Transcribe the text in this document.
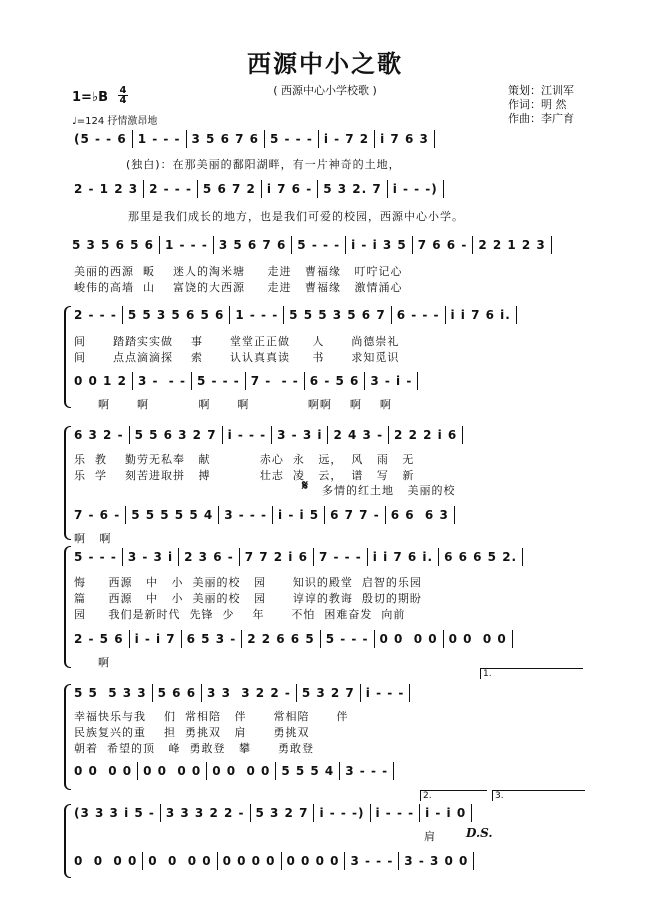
西源中小之歌
( 西源中心小学校歌 )
1=♭B 4
4
♩=124 抒情激昂地
策划：江训军
作词：明 然
作曲：李广育
(5 - - 6 1 - - - 3 5 6 7 6 5 - - - i - 7 2 i 7 6 3
(独白)：在那美丽的鄱阳湖畔，有一片神奇的土地，
2 - 1 2 3 2 - - - 5 6 7 2 i 7 6 - 5 3 2. 7 i - - -)
那里是我们成长的地方，也是我们可爱的校园，西源中心小学。
5 3 5 6 5 6 1 - - - 3 5 6 7 6 5 - - - i - i 3 5 7 6 6 - 2 2 1 2 3
美丽的西源  畈    迷人的淘米塘     走进   曹福缘   叮咛记心
峻伟的高墙  山    富饶的大西源     走进   曹福缘   激情涌心
2 - - - 5 5 3 5 6 5 6 1 - - - 5 5 5 3 5 6 7 6 - - - i i 7 6 i.
间      踏踏实实做    事      堂堂正正做     人      尚德崇礼
间      点点滴滴探    索      认认真真读     书      求知觅识
0 0 1 2 3 -  - - 5 - - - 7 -  - - 6 - 5 6 3 - i -
啊      啊           啊      啊             啊啊    啊    啊
6 3 2 - 5 5 6 3 2 7 i - - - 3 - 3 i 2 4 3 - 2 2 2 i 6
乐  教    勤劳无私奉   献           赤心  永   远，  风   雨   无
乐  学    刻苦进取拼   搏           壮志  凌   云，  谱   写   新
𝄋 多情的红土地   美丽的校
7 - 6 - 5 5 5 5 5 4 3 - - - i - i 5 6 7 7 - 6 6  6 3
啊   啊
5 - - - 3 - 3 i 2 3 6 - 7 7 2 i 6 7 - - - i i 7 6 i. 6 6 6 5 2.
悔     西源   中   小  美丽的校   园      知识的殿堂  启智的乐园
篇     西源   中   小  美丽的校   园      谆谆的教诲  殷切的期盼
园     我们是新时代  先锋  少    年      不怕  困难奋发  向前
2 - 5 6 i - i 7 6 5 3 - 2 2 6 6 5 5 - - - 0 0  0 0 0 0  0 0
啊
1.
5 5  5 3 3 5 6 6 3 3  3 2 2 - 5 3 2 7 i - - -
幸福快乐与我    们  常相陪   伴      常相陪      伴
民族复兴的重    担  勇挑双   肩      勇挑双
朝着  希望的顶   峰  勇敢登   攀      勇敢登
0 0  0 0 0 0  0 0 0 0  0 0 5 5 5 4 3 - - -
2.	3.
(3 3 3 i 5 - 3 3 3 2 2 - 5 3 2 7 i - - -) i - - - i - i 0
肩	D.S.
0  0  0 0 0  0  0 0 0 0 0 0 0 0 0 0 3 - - - 3 - 3 0 0
